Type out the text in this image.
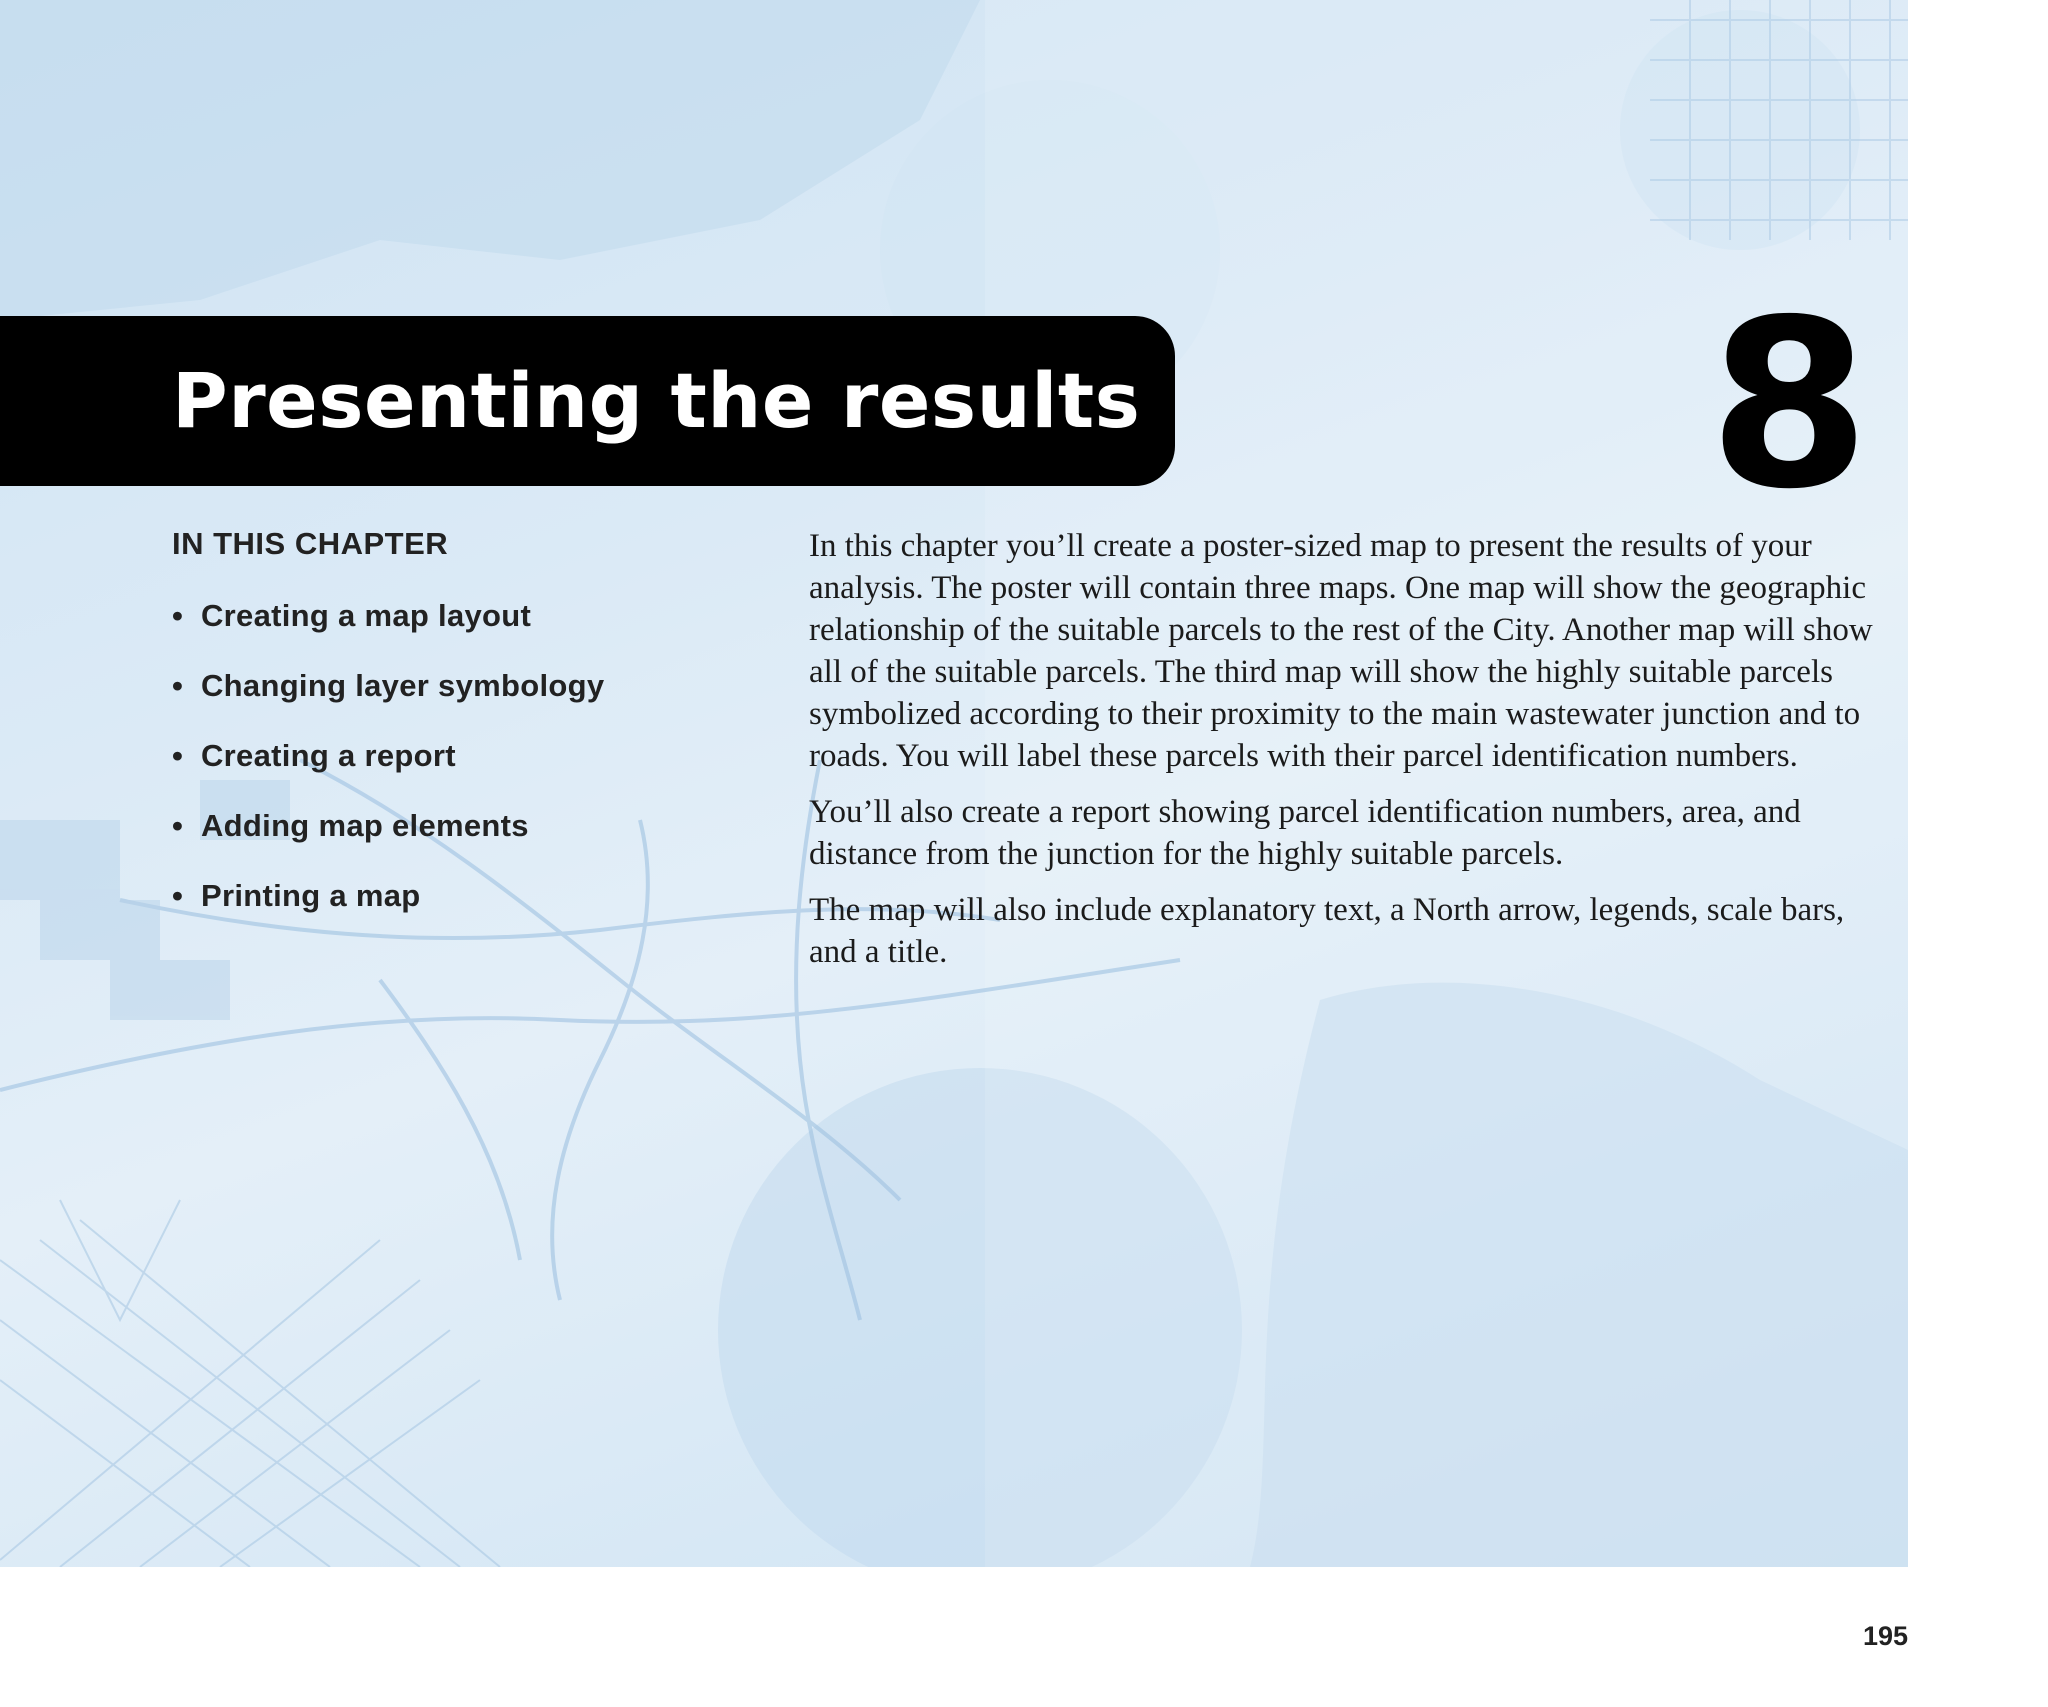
Presenting the results 8
IN THIS CHAPTER
• Creating a map layout
• Changing layer symbology
• Creating a report
• Adding map elements
• Printing a map

In this chapter you’ll create a poster-sized map to present the results of your analysis. The poster will contain three maps. One map will show the geographic relationship of the suitable parcels to the rest of the City. Another map will show all of the suitable parcels. The third map will show the highly suitable parcels symbolized according to their proximity to the main wastewater junction and to roads. You will label these parcels with their parcel identification numbers.

You’ll also create a report showing parcel identification numbers, area, and distance from the junction for the highly suitable parcels.

The map will also include explanatory text, a North arrow, legends, scale bars, and a title.

195
